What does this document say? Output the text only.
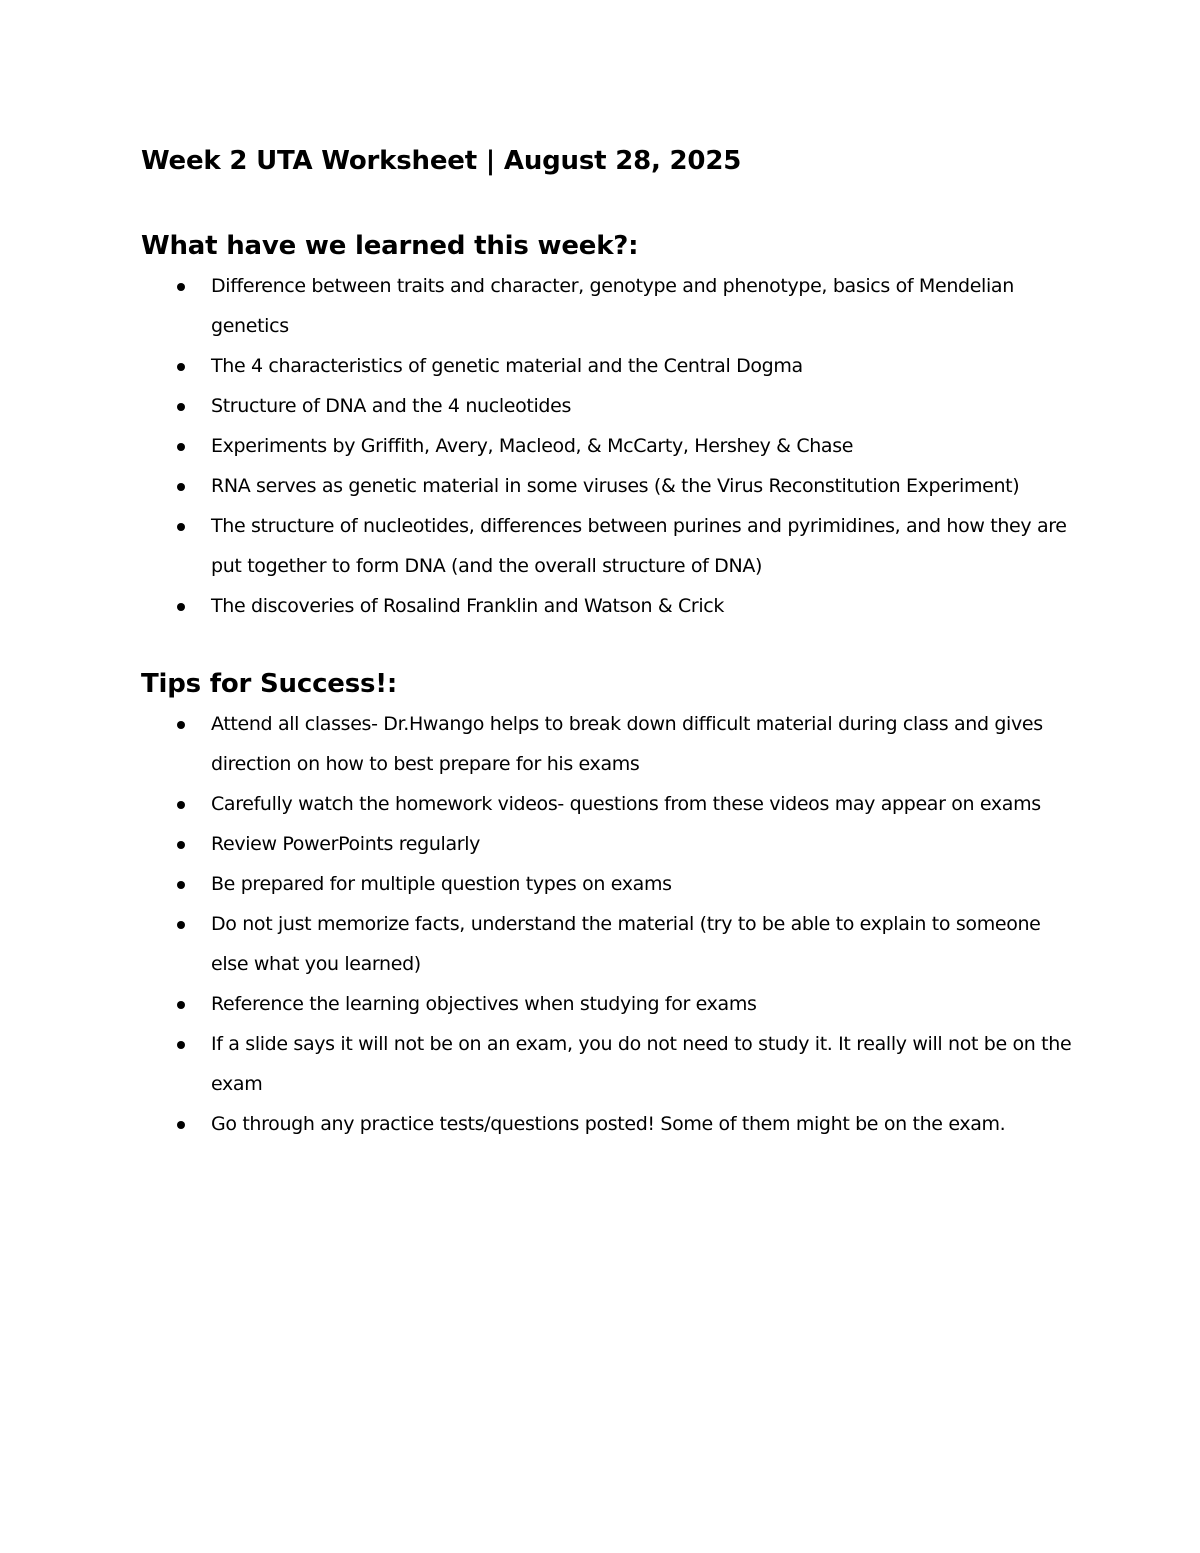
Week 2 UTA Worksheet | August 28, 2025
What have we learned this week?:
Difference between traits and character, genotype and phenotype, basics of Mendelian genetics
The 4 characteristics of genetic material and the Central Dogma
Structure of DNA and the 4 nucleotides
Experiments by Griffith, Avery, Macleod, & McCarty, Hershey & Chase
RNA serves as genetic material in some viruses (& the Virus Reconstitution Experiment)
The structure of nucleotides, differences between purines and pyrimidines, and how they are put together to form DNA (and the overall structure of DNA)
The discoveries of Rosalind Franklin and Watson & Crick
Tips for Success!:
Attend all classes- Dr.Hwango helps to break down difficult material during class and gives direction on how to best prepare for his exams
Carefully watch the homework videos- questions from these videos may appear on exams
Review PowerPoints regularly
Be prepared for multiple question types on exams
Do not just memorize facts, understand the material (try to be able to explain to someone else what you learned)
Reference the learning objectives when studying for exams
If a slide says it will not be on an exam, you do not need to study it. It really will not be on the exam
Go through any practice tests/questions posted! Some of them might be on the exam.
